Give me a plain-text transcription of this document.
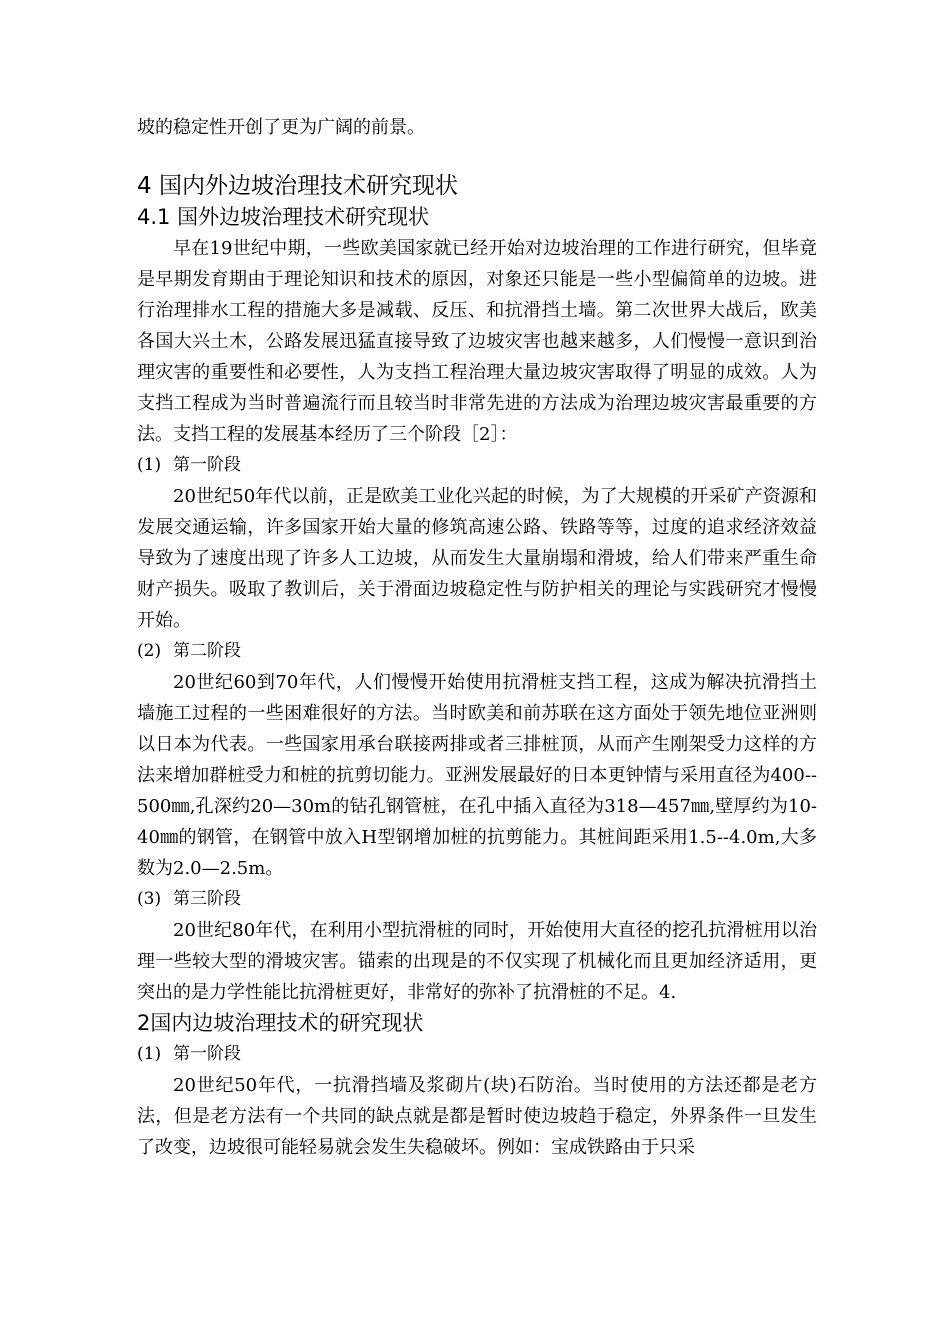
坡的稳定性开创了更为广阔的前景。

4 国内外边坡治理技术研究现状
4.1 国外边坡治理技术研究现状

早在19世纪中期，一些欧美国家就已经开始对边坡治理的工作进行研究，但毕竟是早期发育期由于理论知识和技术的原因，对象还只能是一些小型偏简单的边坡。进行治理排水工程的措施大多是减载、反压、和抗滑挡土墙。第二次世界大战后，欧美各国大兴土木，公路发展迅猛直接导致了边坡灾害也越来越多，人们慢慢一意识到治理灾害的重要性和必要性，人为支挡工程治理大量边坡灾害取得了明显的成效。人为支挡工程成为当时普遍流行而且较当时非常先进的方法成为治理边坡灾害最重要的方法。支挡工程的发展基本经历了三个阶段［2］：

(1) 第一阶段

20世纪50年代以前，正是欧美工业化兴起的时候，为了大规模的开采矿产资源和发展交通运输，许多国家开始大量的修筑高速公路、铁路等等，过度的追求经济效益导致为了速度出现了许多人工边坡，从而发生大量崩塌和滑坡，给人们带来严重生命财产损失。吸取了教训后，关于滑面边坡稳定性与防护相关的理论与实践研究才慢慢开始。

(2) 第二阶段

20世纪60到70年代，人们慢慢开始使用抗滑桩支挡工程，这成为解决抗滑挡土墙施工过程的一些困难很好的方法。当时欧美和前苏联在这方面处于领先地位亚洲则以日本为代表。一些国家用承台联接两排或者三排桩顶，从而产生刚架受力这样的方法来增加群桩受力和桩的抗剪切能力。亚洲发展最好的日本更钟情与采用直径为400--500㎜,孔深约20—30m的钻孔钢管桩，在孔中插入直径为318—457㎜,壁厚约为10-40㎜的钢管，在钢管中放入H型钢增加桩的抗剪能力。其桩间距采用1.5--4.0m,大多数为2.0—2.5m。

(3) 第三阶段

20世纪80年代，在利用小型抗滑桩的同时，开始使用大直径的挖孔抗滑桩用以治理一些较大型的滑坡灾害。锚索的出现是的不仅实现了机械化而且更加经济适用，更突出的是力学性能比抗滑桩更好，非常好的弥补了抗滑桩的不足。4.

2国内边坡治理技术的研究现状

(1) 第一阶段

20世纪50年代，一抗滑挡墙及浆砌片(块)石防治。当时使用的方法还都是老方法，但是老方法有一个共同的缺点就是都是暂时使边坡趋于稳定，外界条件一旦发生了改变，边坡很可能轻易就会发生失稳破坏。例如：宝成铁路由于只采
